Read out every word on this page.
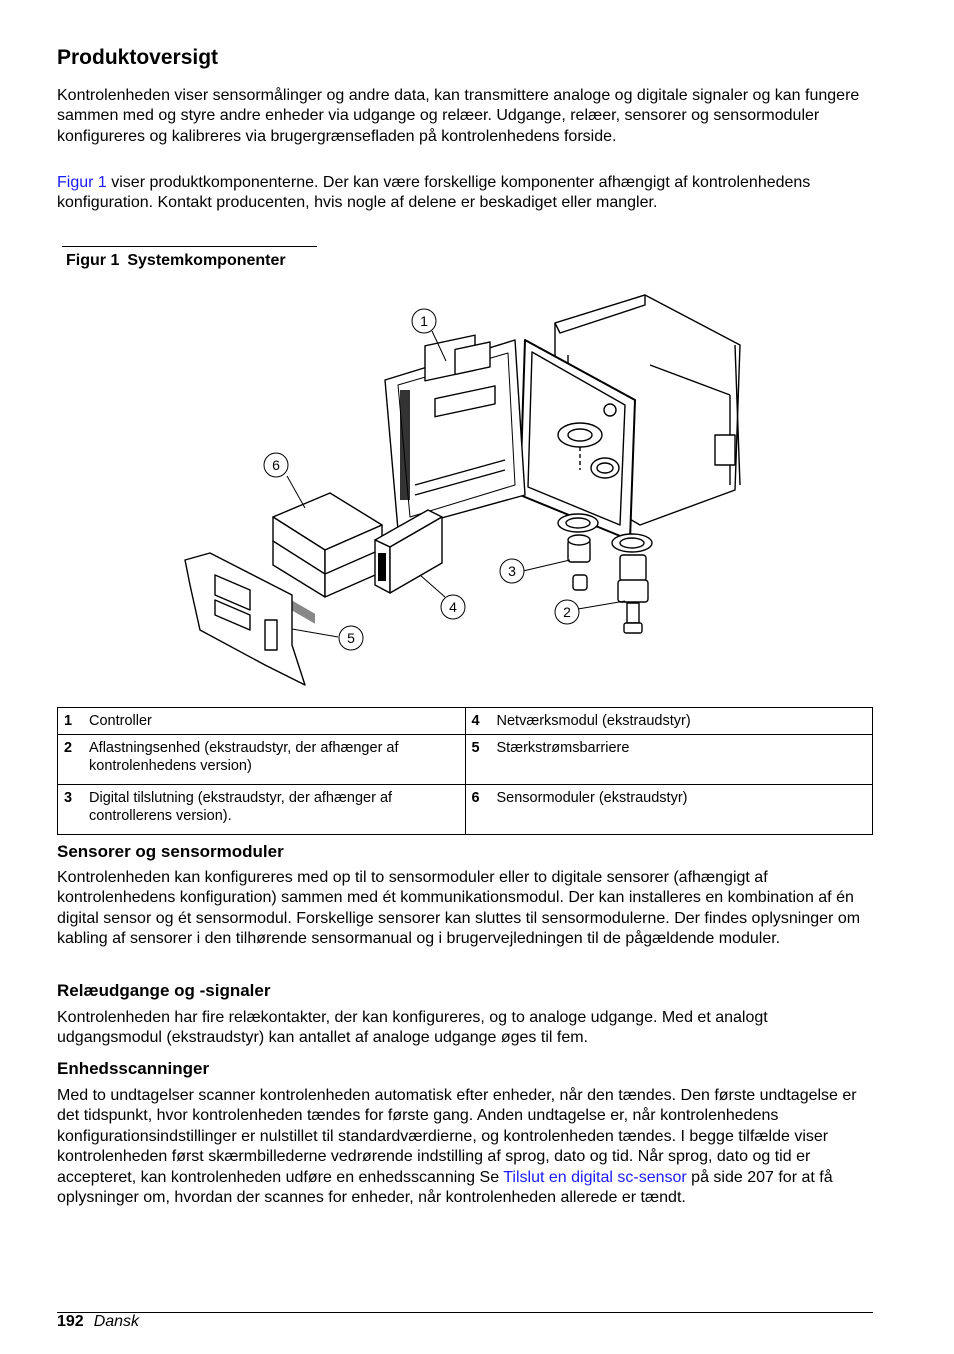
Produktoversigt

Kontrolenheden viser sensormålinger og andre data, kan transmittere analoge og digitale signaler og kan fungere sammen med og styre andre enheder via udgange og relæer. Udgange, relæer, sensorer og sensormoduler konfigureres og kalibreres via brugergrænsefladen på kontrolenhedens forside.

Figur 1 viser produktkomponenterne. Der kan være forskellige komponenter afhængigt af kontrolenhedens konfiguration. Kontakt producenten, hvis nogle af delene er beskadiget eller mangler.

Figur 1 Systemkomponenter
1
2
3
4
5
6
1 Controller	4 Netværksmodul (ekstraudstyr)
2 Aflastningsenhed (ekstraudstyr, der afhænger af kontrolenhedens version)	5 Stærkstrømsbarriere
3 Digital tilslutning (ekstraudstyr, der afhænger af controllerens version).	6 Sensormoduler (ekstraudstyr)
Sensorer og sensormoduler

Kontrolenheden kan konfigureres med op til to sensormoduler eller to digitale sensorer (afhængigt af kontrolenhedens konfiguration) sammen med ét kommunikationsmodul. Der kan installeres en kombination af én digital sensor og ét sensormodul. Forskellige sensorer kan sluttes til sensormodulerne. Der findes oplysninger om kabling af sensorer i den tilhørende sensormanual og i brugervejledningen til de pågældende moduler.

Relæudgange og -signaler

Kontrolenheden har fire relækontakter, der kan konfigureres, og to analoge udgange. Med et analogt udgangsmodul (ekstraudstyr) kan antallet af analoge udgange øges til fem.

Enhedsscanninger

Med to undtagelser scanner kontrolenheden automatisk efter enheder, når den tændes. Den første undtagelse er det tidspunkt, hvor kontrolenheden tændes for første gang. Anden undtagelse er, når kontrolenhedens konfigurationsindstillinger er nulstillet til standardværdierne, og kontrolenheden tændes. I begge tilfælde viser kontrolenheden først skærmbillederne vedrørende indstilling af sprog, dato og tid. Når sprog, dato og tid er accepteret, kan kontrolenheden udføre en enhedsscanning Se Tilslut en digital sc-sensor på side 207 for at få oplysninger om, hvordan der scannes for enheder, når kontrolenheden allerede er tændt.

192 Dansk
